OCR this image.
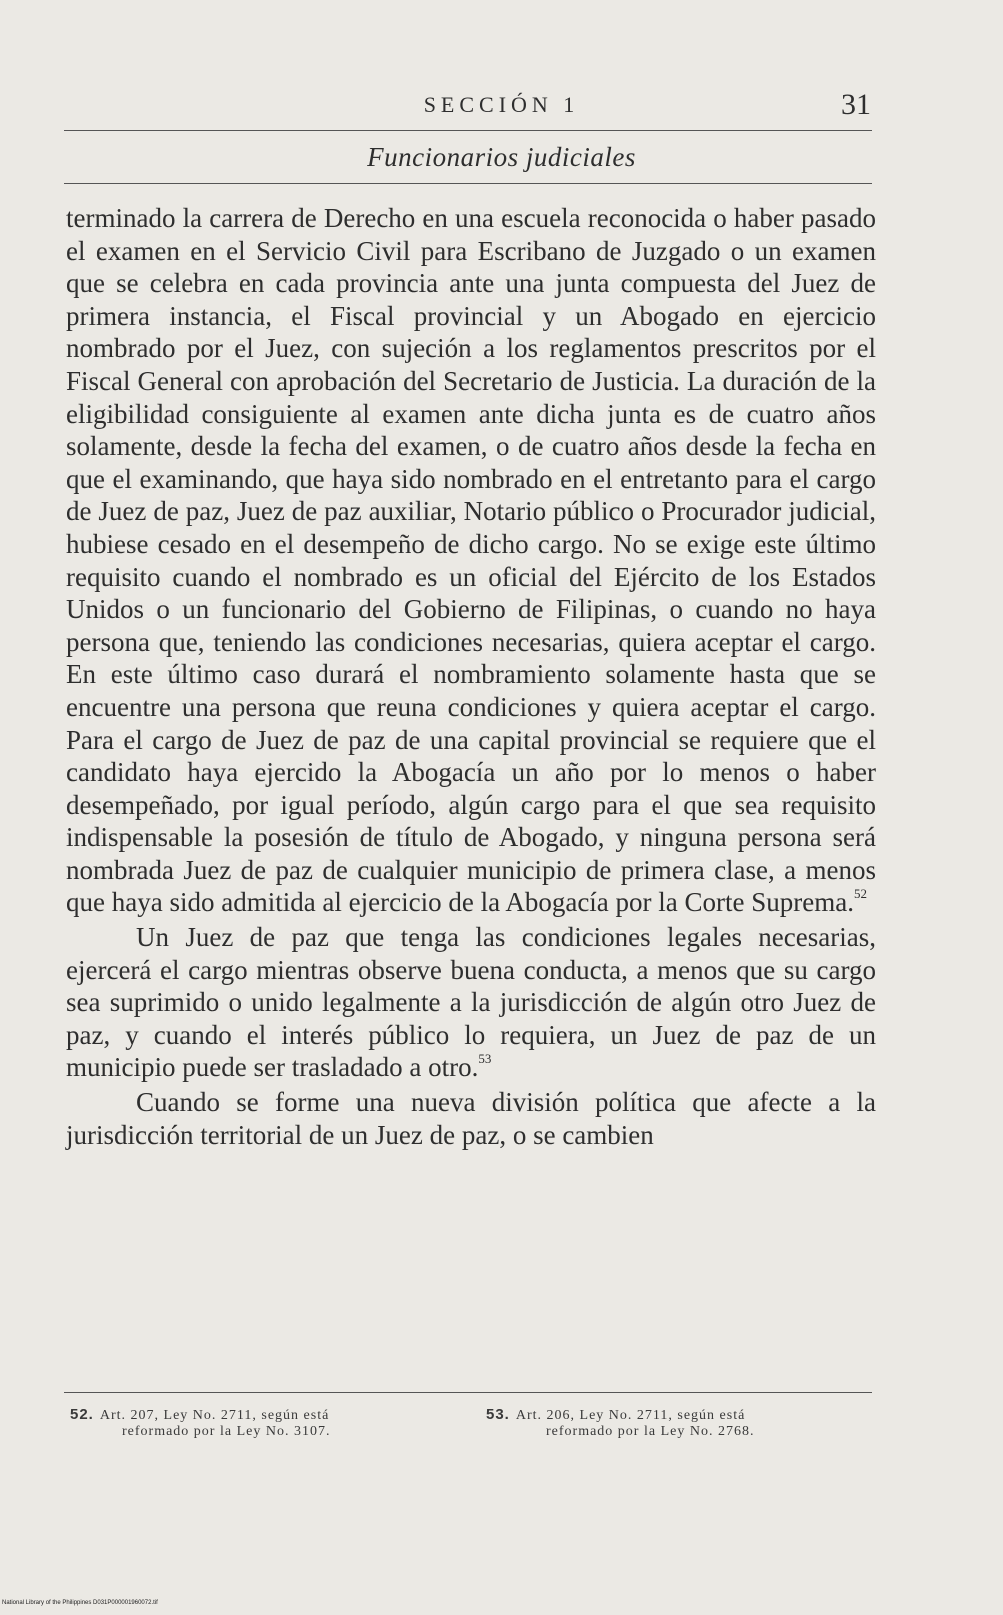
SECCIÓN 1	31
Funcionarios judiciales

terminado la carrera de Derecho en una escuela reconocida o haber pasado el examen en el Servicio Civil para Escribano de Juzgado o un examen que se celebra en cada provincia ante una junta compuesta del Juez de primera instancia, el Fiscal provincial y un Abogado en ejercicio nombrado por el Juez, con sujeción a los reglamentos prescritos por el Fiscal General con aprobación del Secretario de Justicia. La duración de la eligibilidad consiguiente al examen ante dicha junta es de cuatro años solamente, desde la fecha del examen, o de cuatro años desde la fecha en que el examinando, que haya sido nombrado en el entretanto para el cargo de Juez de paz, Juez de paz auxiliar, Notario público o Procurador judicial, hubiese cesado en el desempeño de dicho cargo. No se exige este último requisito cuando el nombrado es un oficial del Ejército de los Estados Unidos o un funcionario del Gobierno de Filipinas, o cuando no haya persona que, teniendo las condiciones necesarias, quiera aceptar el cargo. En este último caso durará el nombramiento solamente hasta que se encuentre una persona que reuna condiciones y quiera aceptar el cargo. Para el cargo de Juez de paz de una capital provincial se requiere que el candidato haya ejercido la Abogacía un año por lo menos o haber desempeñado, por igual período, algún cargo para el que sea requisito indispensable la posesión de título de Abogado, y ninguna persona será nombrada Juez de paz de cualquier municipio de primera clase, a menos que haya sido admitida al ejercicio de la Abogacía por la Corte Suprema.$^{52}$

Un Juez de paz que tenga las condiciones legales necesarias, ejercerá el cargo mientras observe buena conducta, a menos que su cargo sea suprimido o unido legalmente a la jurisdicción de algún otro Juez de paz, y cuando el interés público lo requiera, un Juez de paz de un municipio puede ser trasladado a otro.$^{53}$

Cuando se forme una nueva división política que afecte a la jurisdicción territorial de un Juez de paz, o se cambien

52. Art. 207, Ley No. 2711, según está
reformado por la Ley No. 3107.
53. Art. 206, Ley No. 2711, según está
reformado por la Ley No. 2768.
National Library of the Philippines D031P000001960072.tif
